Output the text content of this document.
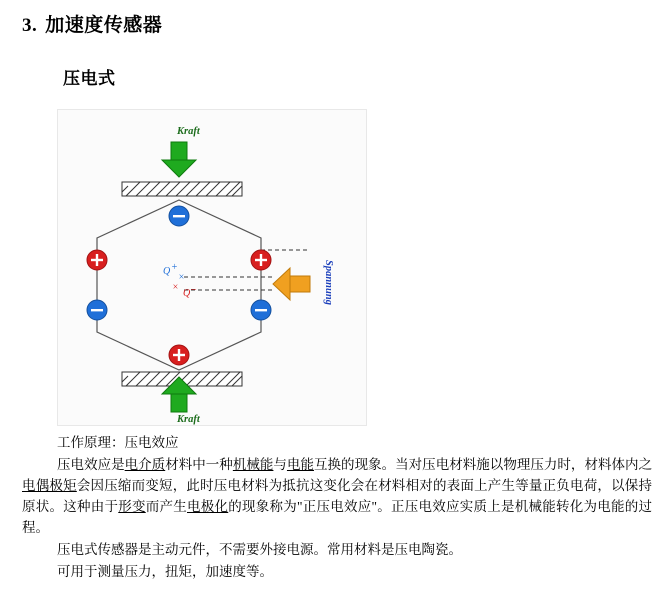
3. 加速度传感器
压电式
Kraft
Kraft
Spannung
Q +
×
×
Q –

工作原理：压电效应

压电效应是电介质材料中一种机械能与电能互换的现象。当对压电材料施以物理压力时，材料体内之电偶极矩会因压缩而变短，此时压电材料为抵抗这变化会在材料相对的表面上产生等量正负电荷，以保持原状。这种由于形变而产生电极化的现象称为"正压电效应"。正压电效应实质上是机械能转化为电能的过程。

压电式传感器是主动元件，不需要外接电源。常用材料是压电陶瓷。

可用于测量压力，扭矩，加速度等。
